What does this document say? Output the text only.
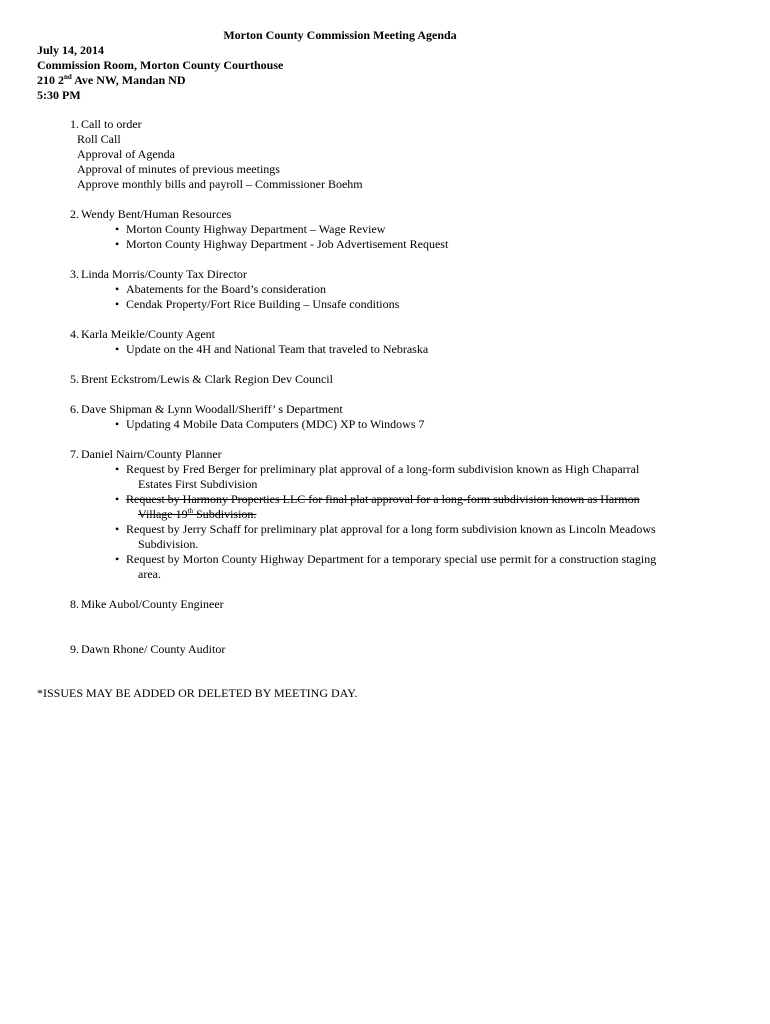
Morton County Commission Meeting Agenda
July 14, 2014
Commission Room, Morton County Courthouse
210 2nd Ave NW, Mandan ND
5:30 PM
1. Call to order
Roll Call
Approval of Agenda
Approval of minutes of previous meetings
Approve monthly bills and payroll – Commissioner Boehm
2. Wendy Bent/Human Resources
• Morton County Highway Department – Wage Review
• Morton County Highway Department - Job Advertisement Request
3. Linda Morris/County Tax Director
• Abatements for the Board’s consideration
• Cendak Property/Fort Rice Building – Unsafe conditions
4. Karla Meikle/County Agent
• Update on the 4H and National Team that traveled to Nebraska
5. Brent Eckstrom/Lewis & Clark Region Dev Council
6. Dave Shipman & Lynn Woodall/Sheriff’ s Department
• Updating 4 Mobile Data Computers (MDC) XP to Windows 7
7. Daniel Nairn/County Planner
• Request by Fred Berger for preliminary plat approval of a long-form subdivision known as High Chaparral
Estates First Subdivision
• Request by Harmony Properties LLC for final plat approval for a long-form subdivision known as Harmon
Village 19th Subdivision.
• Request by Jerry Schaff for preliminary plat approval for a long form subdivision known as Lincoln Meadows
Subdivision.
• Request by Morton County Highway Department for a temporary special use permit for a construction staging
area.
8. Mike Aubol/County Engineer
9. Dawn Rhone/ County Auditor
*ISSUES MAY BE ADDED OR DELETED BY MEETING DAY.
